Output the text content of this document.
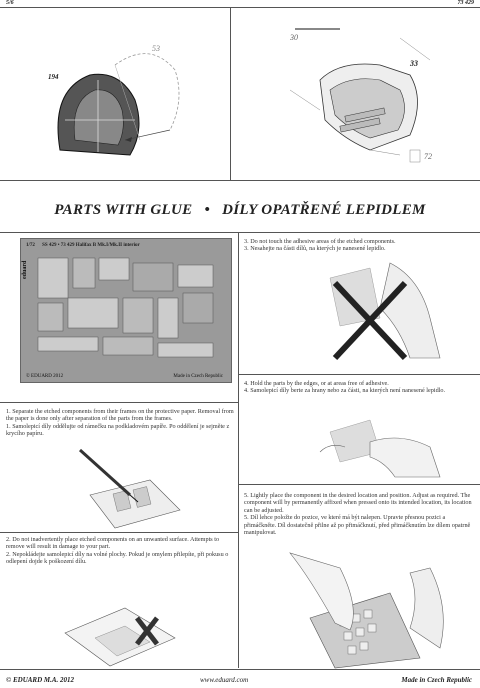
5/6	73 429
194
53
30
33
72
PARTS WITH GLUE • DÍLY OPATŘENÉ LEPIDLEM
1/72 SS 429 • 73 429 Halifax B Mk.I/Mk.II interior
eduard
© EDUARD 2012	Made in Czech Republic
1. Separate the etched components from their frames on the protective paper. Removal from the paper is done only after separation of the parts from the frames.
1. Samolepicí díly oddělujte od rámečku na podkladovém papíře. Po oddělení je sejměte z krycího papíru.
2. Do not inadvertently place etched components on an unwanted surface. Attempts to remove will result in damage to your part.
2. Nepokládejte samolepicí díly na volné plochy. Pokud je omylem přilepíte, při pokusu o odlepení dojde k poškození dílu.
3. Do not touch the adhesive areas of the etched components.
3. Nesahejte na části dílů, na kterých je nanesené lepidlo.
4. Hold the parts by the edges, or at areas free of adhesive.
4. Samolepicí díly berte za hrany nebo za části, na kterých není nanesené lepidlo.
5. Lightly place the component in the desired location and position. Adjust as required. The component will by permanently affixed when pressed onto its intended location, its location can be adjusted.
5. Díl lehce položte do pozice, ve které má být nalepen. Upravte přesnou pozici a přimáčkněte. Díl dostatečně přilne až po přimáčknutí, před přimáčknutím lze dílem opatrně manipulovat.
© EDUARD M.A. 2012	www.eduard.com	Made in Czech Republic
